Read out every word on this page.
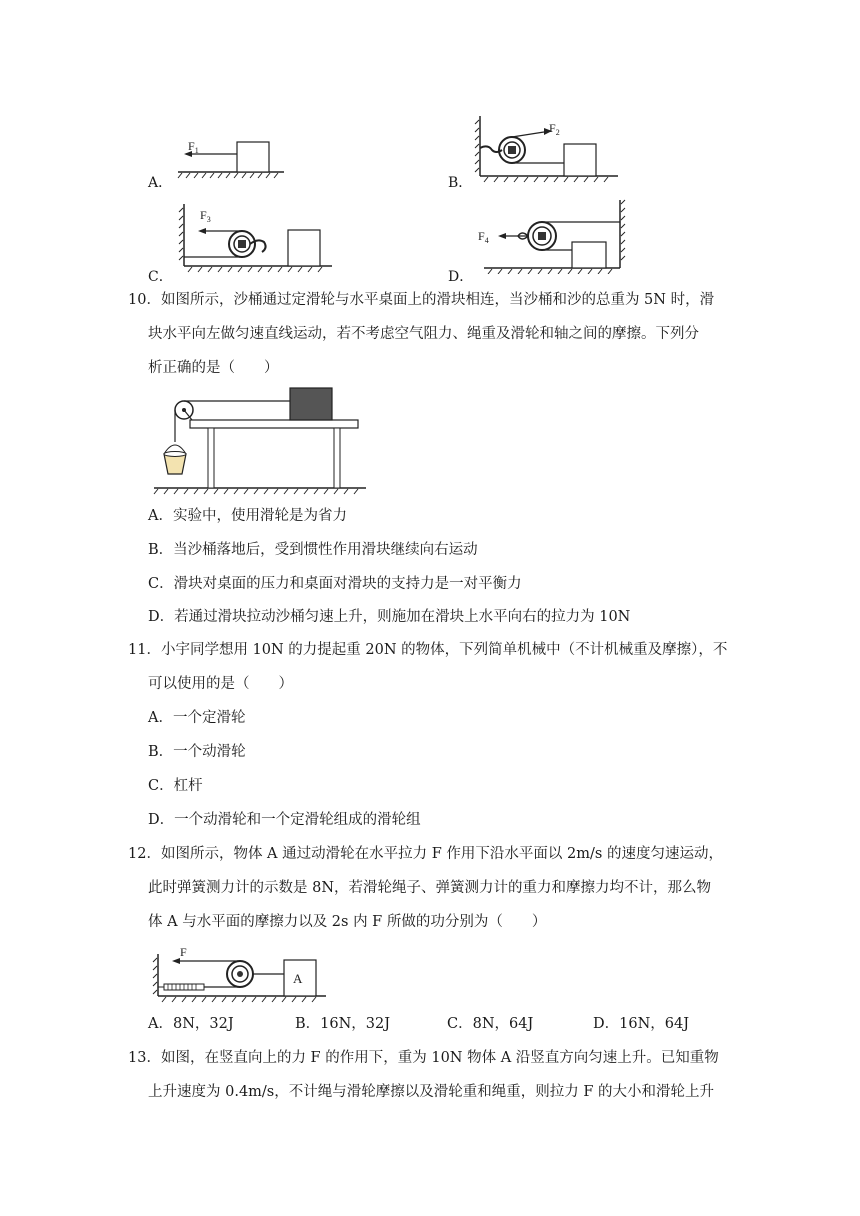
A．
$F_1$
B．
$F_2$
C．
$F_3$
D．
$F_4$
10．如图所示，沙桶通过定滑轮与水平桌面上的滑块相连，当沙桶和沙的总重为 5N 时，滑
块水平向左做匀速直线运动，若不考虑空气阻力、绳重及滑轮和轴之间的摩擦。下列分
析正确的是（　　）
A．实验中，使用滑轮是为省力
B．当沙桶落地后，受到惯性作用滑块继续向右运动
C．滑块对桌面的压力和桌面对滑块的支持力是一对平衡力
D．若通过滑块拉动沙桶匀速上升，则施加在滑块上水平向右的拉力为 10N
11．小宇同学想用 10N 的力提起重 20N 的物体，下列简单机械中（不计机械重及摩擦），不
可以使用的是（　　）
A．一个定滑轮
B．一个动滑轮
C．杠杆
D．一个动滑轮和一个定滑轮组成的滑轮组
12．如图所示，物体 A 通过动滑轮在水平拉力 F 作用下沿水平面以 2m/s 的速度匀速运动，
此时弹簧测力计的示数是 8N，若滑轮绳子、弹簧测力计的重力和摩擦力均不计，那么物
体 A 与水平面的摩擦力以及 2s 内 F 所做的功分别为（　　）
F
A
A．8N，32J	B．16N，32J	C．8N，64J	D．16N，64J
13．如图，在竖直向上的力 F 的作用下，重为 10N 物体 A 沿竖直方向匀速上升。已知重物
上升速度为 0.4m/s，不计绳与滑轮摩擦以及滑轮重和绳重，则拉力 F 的大小和滑轮上升
